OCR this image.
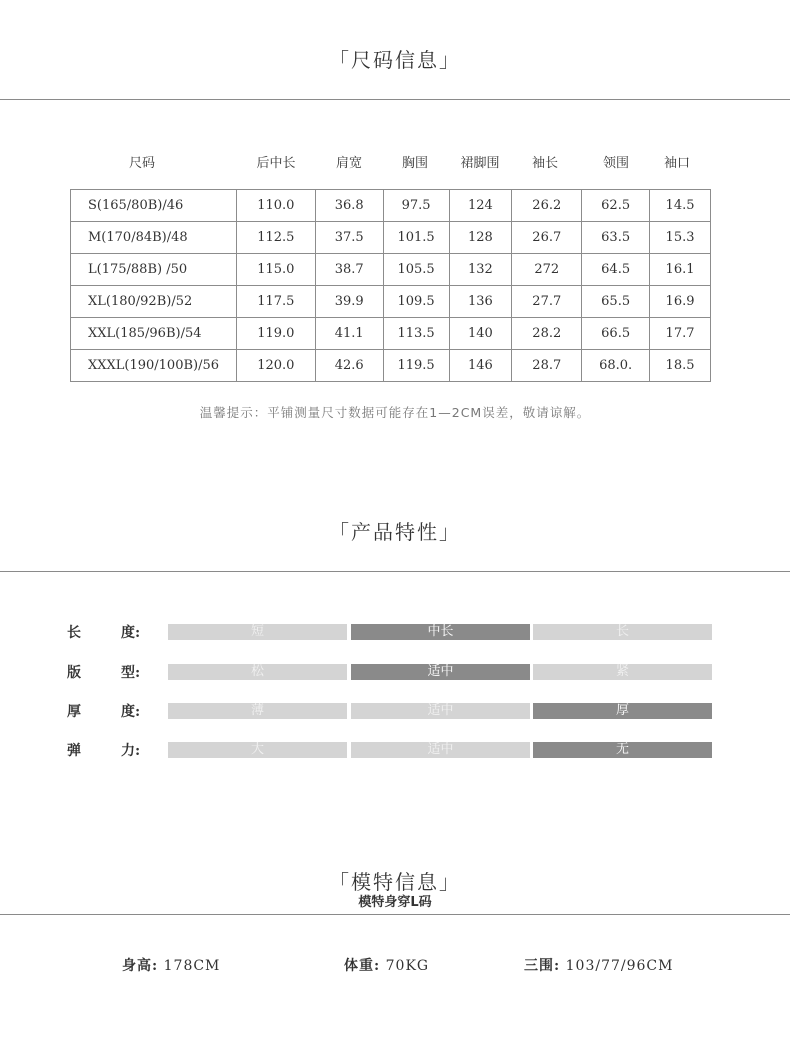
「尺码信息」
尺码	后中长	肩宽	胸围	裙脚围	袖长	领围	袖口
S(165/80B)/46	110.0	36.8	97.5	124	26.2	62.5	14.5
M(170/84B)/48	112.5	37.5	101.5	128	26.7	63.5	15.3
L(175/88B) /50	115.0	38.7	105.5	132	272	64.5	16.1
XL(180/92B)/52	117.5	39.9	109.5	136	27.7	65.5	16.9
XXL(185/96B)/54	119.0	41.1	113.5	140	28.2	66.5	17.7
XXXL(190/100B)/56	120.0	42.6	119.5	146	28.7	68.0.	18.5
温馨提示：平铺测量尺寸数据可能存在1—2CM误差，敬请谅解。
「产品特性」
长	度:	短	中长	长
版	型:	松	适中	紧
厚	度:	薄	适中	厚
弹	力:	大	适中	无
「模特信息」
模特身穿L码
身高: 178CM	体重: 70KG	三围: 103/77/96CM
